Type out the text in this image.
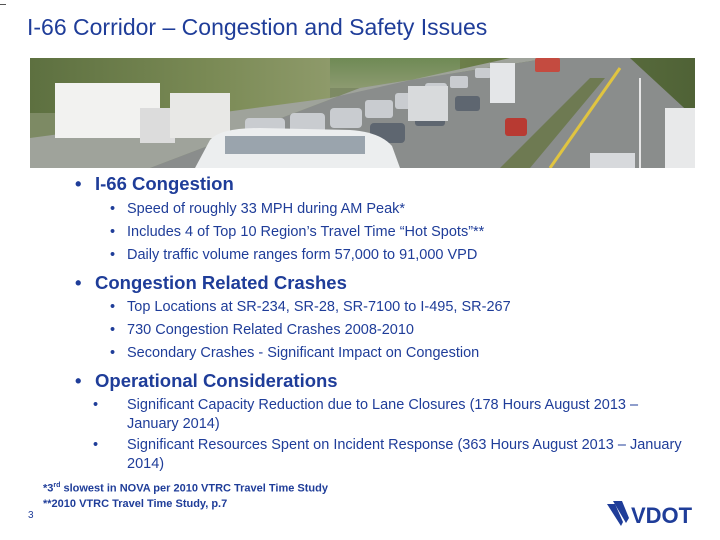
I-66 Corridor – Congestion and Safety Issues
• I-66 Congestion
• Speed of roughly 33 MPH during AM Peak*
• Includes 4 of Top 10 Region’s Travel Time “Hot Spots”**
• Daily traffic volume ranges form 57,000 to 91,000 VPD
• Congestion Related Crashes
• Top Locations at SR-234, SR-28, SR-7100 to I-495, SR-267
• 730 Congestion Related Crashes 2008-2010
• Secondary Crashes - Significant Impact on Congestion
• Operational Considerations
• Significant Capacity Reduction due to Lane Closures (178 Hours August 2013 – January 2014)
• Significant Resources Spent on Incident Response (363 Hours August 2013 – January 2014)
*3rd slowest in NOVA per 2010 VTRC Travel Time Study
**2010 VTRC Travel Time Study, p.7
3	VDOT
